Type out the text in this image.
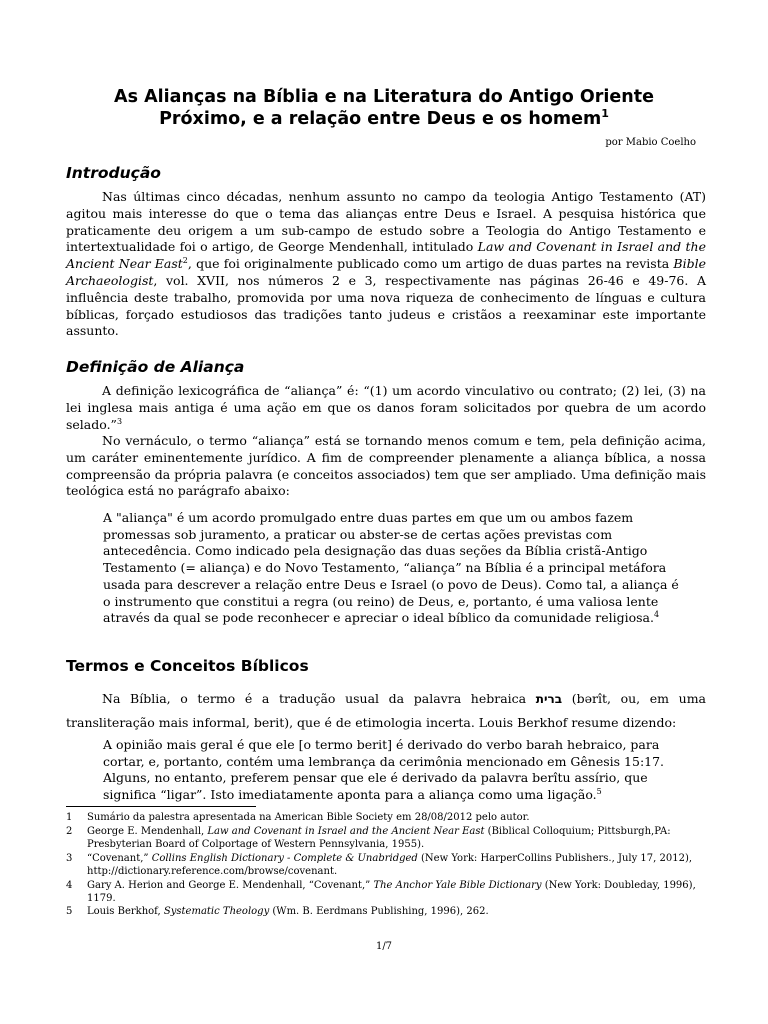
As Alianças na Bíblia e na Literatura do Antigo Oriente
Próximo, e a relação entre Deus e os homem$^1$

por Mabio Coelho

Introdução

Nas últimas cinco décadas, nenhum assunto no campo da teologia Antigo Testamento (AT) agitou mais interesse do que o tema das alianças entre Deus e Israel. A pesquisa histórica que praticamente deu origem a um sub-campo de estudo sobre a Teologia do Antigo Testamento e intertextualidade foi o artigo, de George Mendenhall, intitulado Law and Covenant in Israel and the Ancient Near East$^2$, que foi originalmente publicado como um artigo de duas partes na revista Bible Archaeologist, vol. XVII, nos números 2 e 3, respectivamente nas páginas 26-46 e 49-76. A influência deste trabalho, promovida por uma nova riqueza de conhecimento de línguas e cultura bíblicas, forçado estudiosos das tradições tanto judeus e cristãos a reexaminar este importante assunto.

Definição de Aliança

A definição lexicográfica de “aliança” é: “(1) um acordo vinculativo ou contrato; (2) lei, (3) na lei inglesa mais antiga é uma ação em que os danos foram solicitados por quebra de um acordo selado.”$^3$

No vernáculo, o termo “aliança” está se tornando menos comum e tem, pela definição acima, um caráter eminentemente jurídico. A fim de compreender plenamente a aliança bíblica, a nossa compreensão da própria palavra (e conceitos associados) tem que ser ampliado. Uma definição mais teológica está no parágrafo abaixo:

A "aliança" é um acordo promulgado entre duas partes em que um ou ambos fazem promessas sob juramento, a praticar ou abster-se de certas ações previstas com antecedência. Como indicado pela designação das duas seções da Bíblia cristã-Antigo Testamento (= aliança) e do Novo Testamento, “aliança” na Bíblia é a principal metáfora usada para descrever a relação entre Deus e Israel (o povo de Deus). Como tal, a aliança é o instrumento que constitui a regra (ou reino) de Deus, e, portanto, é uma valiosa lente através da qual se pode reconhecer e apreciar o ideal bíblico da comunidade religiosa.$^4$

Termos e Conceitos Bíblicos

Na Bíblia, o termo é a tradução usual da palavra hebraica ברית (bərît, ou, em uma transliteração mais informal, berit), que é de etimologia incerta. Louis Berkhof resume dizendo:

A opinião mais geral é que ele [o termo berit] é derivado do verbo barah hebraico, para cortar, e, portanto, contém uma lembrança da cerimônia mencionado em Gênesis 15:17. Alguns, no entanto, preferem pensar que ele é derivado da palavra berîtu assírio, que significa “ligar”. Isto imediatamente aponta para a aliança como uma ligação.$^5$

1	Sumário da palestra apresentada na American Bible Society em 28/08/2012 pelo autor.
2	George E. Mendenhall, Law and Covenant in Israel and the Ancient Near East (Biblical Colloquium; Pittsburgh,PA: Presbyterian Board of Colportage of Western Pennsylvania, 1955).
3	“Covenant,” Collins English Dictionary - Complete & Unabridged (New York: HarperCollins Publishers., July 17, 2012), http://dictionary.reference.com/browse/covenant.
4	Gary A. Herion and George E. Mendenhall, “Covenant,” The Anchor Yale Bible Dictionary (New York: Doubleday, 1996), 1179.
5	Louis Berkhof, Systematic Theology (Wm. B. Eerdmans Publishing, 1996), 262.

1/7
